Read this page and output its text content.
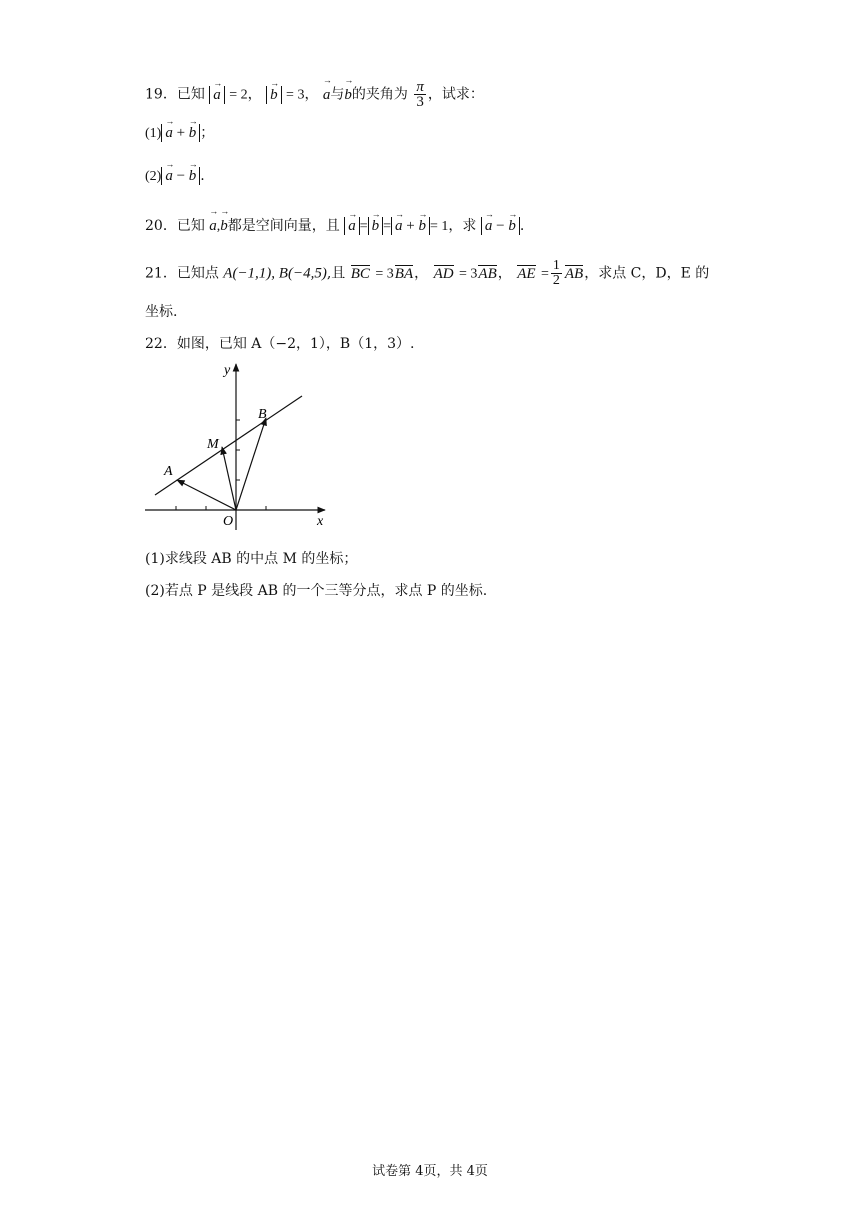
19．已知 → a = 2， → b = 3， → a与→ b的夹角为 $\frac{\pi}{3}$ ，试求：
(1) → a + → b ；
(2) → a − → b .
20．已知 → a,→ b都是空间向量，且 → a = → b = → a + → b = 1，求 → a − → b .
21．已知点 A(−1,1), B(−4,5),且 BC = 3BA， AD = 3AB， AE = $\frac{1}{2}$ AB，求点 C，D，E 的
坐标.
22．如图，已知 A（−2，1），B（1，3）.
y
x
O
A
B
M
(1)求线段 AB 的中点 M 的坐标；
(2)若点 P 是线段 AB 的一个三等分点，求点 P 的坐标.
试卷第 4页，共 4页
